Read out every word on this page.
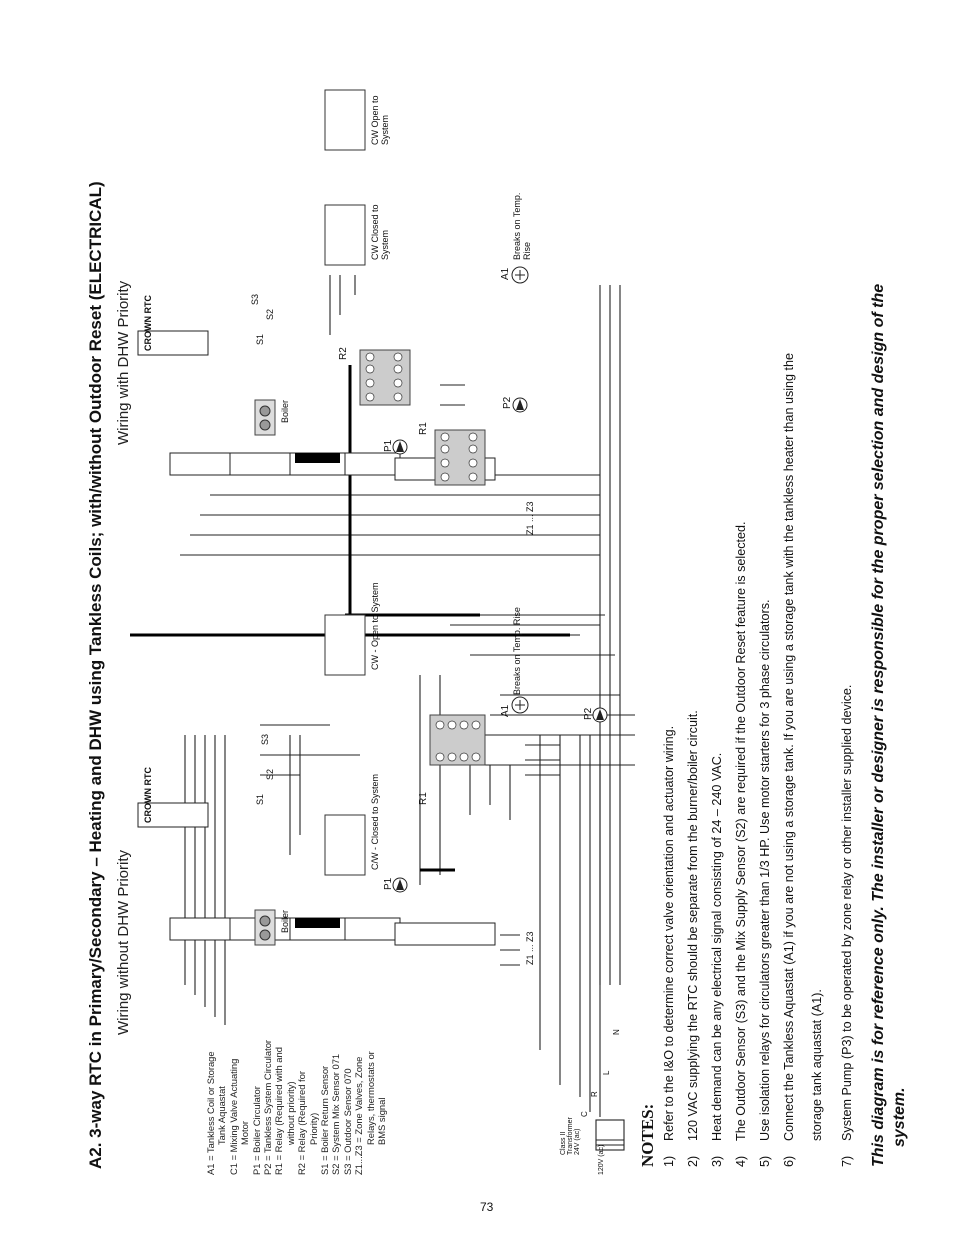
A2. 3-way RTC in Primary/Secondary – Heating and DHW using Tankless Coils; with/without Outdoor Reset (ELECTRICAL) Wiring without DHW Priority
CROWN RTC
Boiler
C/W - Closed to System
CW - Open to System
R1
P1
P2
A1
Breaks on Temp. Rise
Z1 ... Z3
S1
S2
S3
Class II Transformer 24V (ac)
120V (ac)
C
R
L
N
Wiring with DHW Priority CROWN RTC
Boiler
CW Closed to System
CW Open to System
R2
R1
P1
P2
A1
Breaks on Temp. Rise
Z1 ... Z3
S1
S2
S3
A1 = Tankless Coil or Storage Tank Aquastat C1 = Mixing Valve Actuating Motor P1 = Boiler Circulator P2 = Tankless System Circulator R1 = Relay (Required with and without priority) R2 = Relay (Required for Priority) S1 = Boiler Return Sensor S2 = System Mix Sensor 071 S3 = Outdoor Sensor 070 Z1...Z3 = Zone Valves, Zone Relays, thermostats or BMS signal	NOTES: 1)Refer to the I&O to determine correct valve orientation and actuator wiring.
2)120 VAC supplying the RTC should be separate from the burner/boiler circuit.
3)Heat demand can be any electrical signal consisting of 24 – 240 VAC.
4)The Outdoor Sensor (S3) and the Mix Supply Sensor (S2) are required if the Outdoor Reset feature is selected.
5)Use isolation relays for circulators greater than 1/3 HP. Use motor starters for 3 phase circulators.
6)Connect the Tankless Aquastat (A1) if you are not using a storage tank. If you are using a storage tank with the tankless heater than using the	storage tank aquastat (A1).
7)System Pump (P3) to be operated by zone relay or other installer supplied device.	This diagram is for reference only. The installer or designer is responsible for the proper selection and design of the system.
73
